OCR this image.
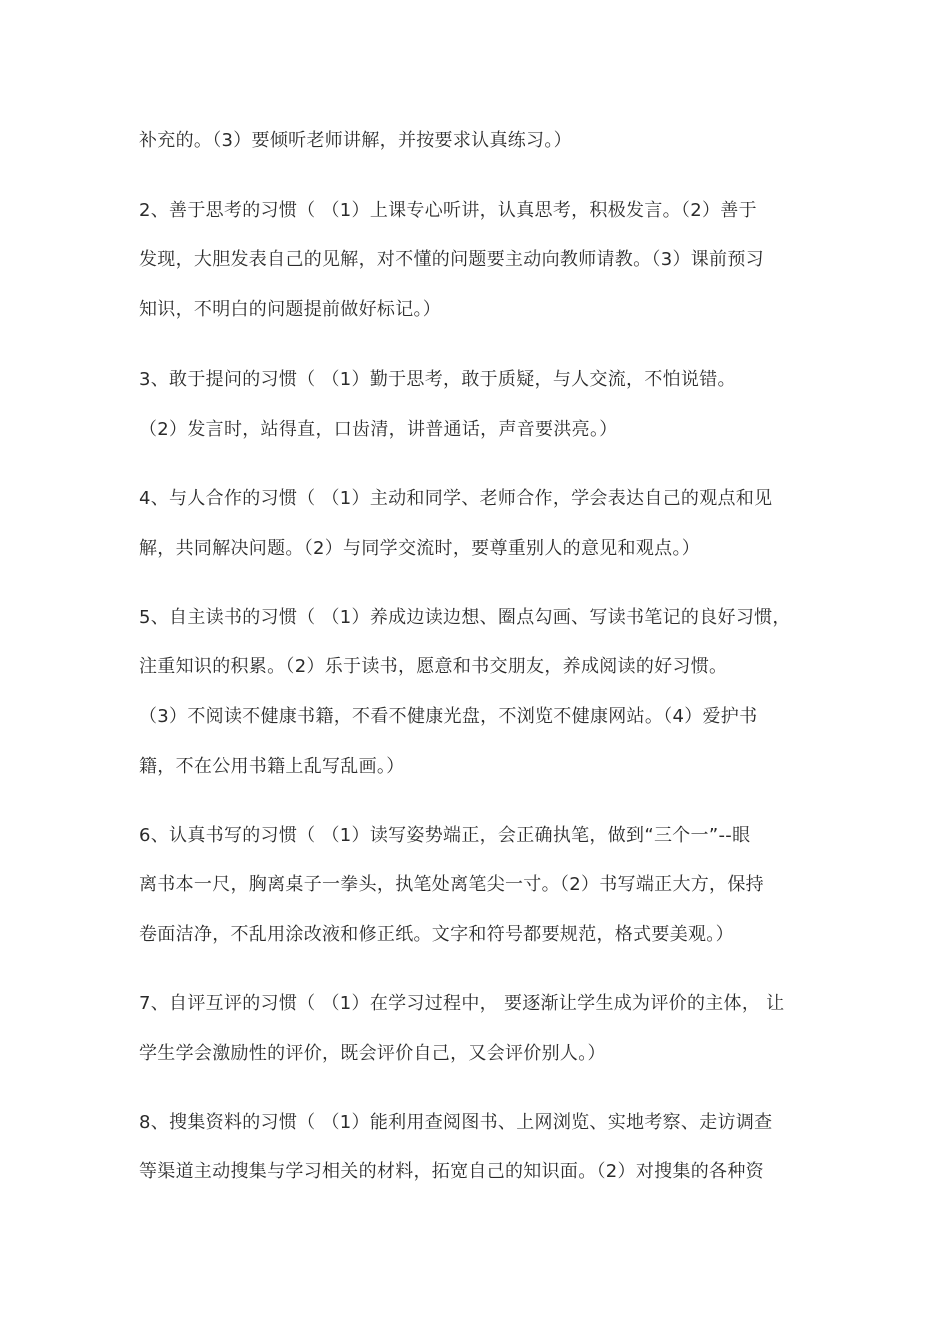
补充的。（3）要倾听老师讲解，并按要求认真练习。）
2、善于思考的习惯（ （1）上课专心听讲，认真思考，积极发言。（2）善于
发现，大胆发表自己的见解，对不懂的问题要主动向教师请教。（3）课前预习
知识，不明白的问题提前做好标记。）
3、敢于提问的习惯（ （1）勤于思考，敢于质疑，与人交流，不怕说错。
（2）发言时，站得直，口齿清，讲普通话，声音要洪亮。）
4、与人合作的习惯（ （1）主动和同学、老师合作，学会表达自己的观点和见
解，共同解决问题。（2）与同学交流时，要尊重别人的意见和观点。）
5、自主读书的习惯（ （1）养成边读边想、圈点勾画、写读书笔记的良好习惯，
注重知识的积累。（2）乐于读书，愿意和书交朋友，养成阅读的好习惯。
（3）不阅读不健康书籍，不看不健康光盘，不浏览不健康网站。（4）爱护书
籍，不在公用书籍上乱写乱画。）
6、认真书写的习惯（ （1）读写姿势端正，会正确执笔，做到“三个一”--眼
离书本一尺，胸离桌子一拳头，执笔处离笔尖一寸。（2）书写端正大方，保持
卷面洁净，不乱用涂改液和修正纸。文字和符号都要规范，格式要美观。）
7、自评互评的习惯（ （1）在学习过程中， 要逐渐让学生成为评价的主体， 让
学生学会激励性的评价，既会评价自己，又会评价别人。）
8、搜集资料的习惯（ （1）能利用查阅图书、上网浏览、实地考察、走访调查
等渠道主动搜集与学习相关的材料，拓宽自己的知识面。（2）对搜集的各种资
